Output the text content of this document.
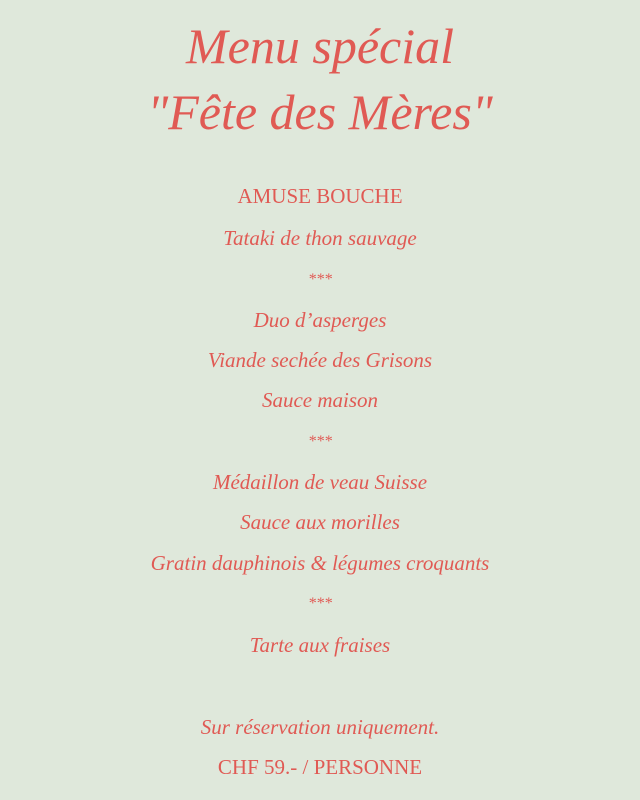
Menu spécial
"Fête des Mères"
AMUSE BOUCHE
Tataki de thon sauvage
***
Duo d’asperges
Viande sechée des Grisons
Sauce maison
***
Médaillon de veau Suisse
Sauce aux morilles
Gratin dauphinois & légumes croquants
***
Tarte aux fraises
Sur réservation uniquement.
CHF 59.- / PERSONNE
